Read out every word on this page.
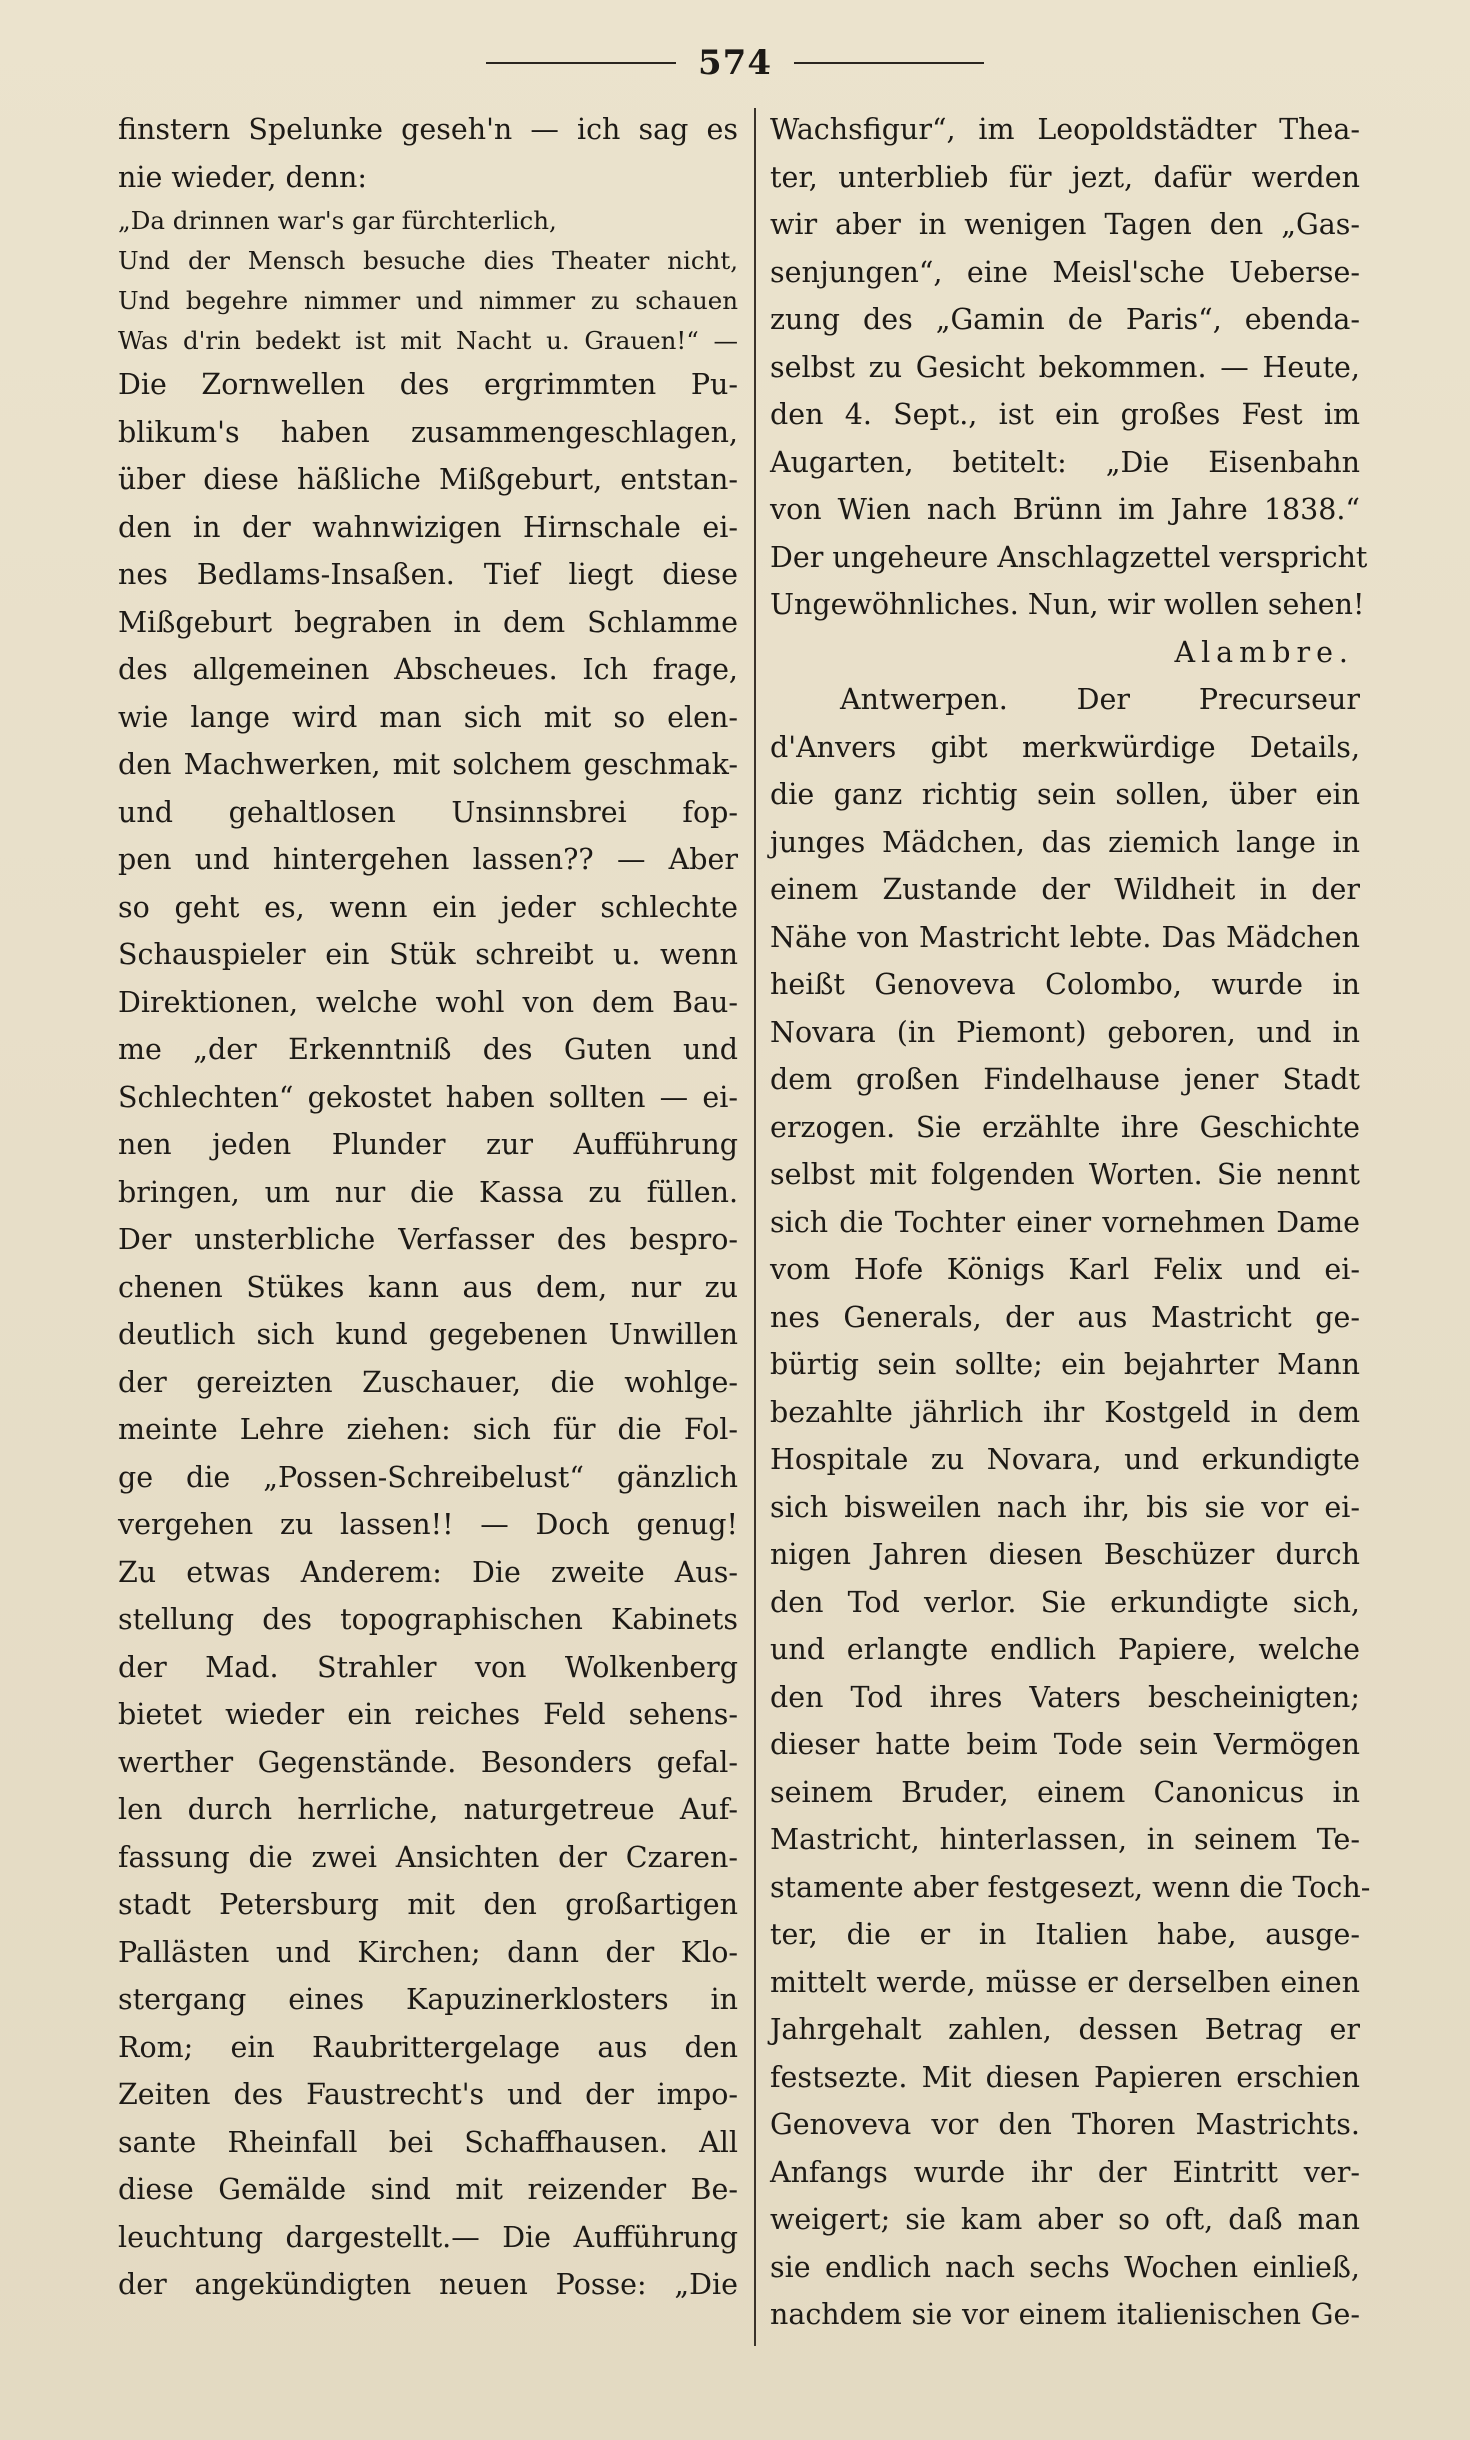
574
finstern Spelunke geseh'n — ich sag es
nie wieder, denn:
„Da drinnen war's gar fürchterlich,
Und der Mensch besuche dies Theater nicht,
Und begehre nimmer und nimmer zu schauen
Was d'rin bedekt ist mit Nacht u. Grauen!“ —
Die Zornwellen des ergrimmten Pu-
blikum's haben zusammengeschlagen,
über diese häßliche Mißgeburt, entstan-
den in der wahnwizigen Hirnschale ei-
nes Bedlams-Insaßen. Tief liegt diese
Mißgeburt begraben in dem Schlamme
des allgemeinen Abscheues. Ich frage,
wie lange wird man sich mit so elen-
den Machwerken, mit solchem geschmak-
und gehaltlosen Unsinnsbrei fop-
pen und hintergehen lassen?? — Aber
so geht es, wenn ein jeder schlechte
Schauspieler ein Stük schreibt u. wenn
Direktionen, welche wohl von dem Bau-
me „der Erkenntniß des Guten und
Schlechten“ gekostet haben sollten — ei-
nen jeden Plunder zur Aufführung
bringen, um nur die Kassa zu füllen.
Der unsterbliche Verfasser des bespro-
chenen Stükes kann aus dem, nur zu
deutlich sich kund gegebenen Unwillen
der gereizten Zuschauer, die wohlge-
meinte Lehre ziehen: sich für die Fol-
ge die „Possen-Schreibelust“ gänzlich
vergehen zu lassen!! — Doch genug!
Zu etwas Anderem: Die zweite Aus-
stellung des topographischen Kabinets
der Mad. Strahler von Wolkenberg
bietet wieder ein reiches Feld sehens-
werther Gegenstände. Besonders gefal-
len durch herrliche, naturgetreue Auf-
fassung die zwei Ansichten der Czaren-
stadt Petersburg mit den großartigen
Pallästen und Kirchen; dann der Klo-
stergang eines Kapuzinerklosters in
Rom; ein Raubrittergelage aus den
Zeiten des Faustrecht's und der impo-
sante Rheinfall bei Schaffhausen. All
diese Gemälde sind mit reizender Be-
leuchtung dargestellt.— Die Aufführung
der angekündigten neuen Posse: „Die
Wachsfigur“, im Leopoldstädter Thea-
ter, unterblieb für jezt, dafür werden
wir aber in wenigen Tagen den „Gas-
senjungen“, eine Meisl'sche Ueberse-
zung des „Gamin de Paris“, ebenda-
selbst zu Gesicht bekommen. — Heute,
den 4. Sept., ist ein großes Fest im
Augarten, betitelt: „Die Eisenbahn
von Wien nach Brünn im Jahre 1838.“
Der ungeheure Anschlagzettel verspricht
Ungewöhnliches. Nun, wir wollen sehen!
Alambre.
Antwerpen. Der Precurseur
d'Anvers gibt merkwürdige Details,
die ganz richtig sein sollen, über ein
junges Mädchen, das ziemich lange in
einem Zustande der Wildheit in der
Nähe von Mastricht lebte. Das Mädchen
heißt Genoveva Colombo, wurde in
Novara (in Piemont) geboren, und in
dem großen Findelhause jener Stadt
erzogen. Sie erzählte ihre Geschichte
selbst mit folgenden Worten. Sie nennt
sich die Tochter einer vornehmen Dame
vom Hofe Königs Karl Felix und ei-
nes Generals, der aus Mastricht ge-
bürtig sein sollte; ein bejahrter Mann
bezahlte jährlich ihr Kostgeld in dem
Hospitale zu Novara, und erkundigte
sich bisweilen nach ihr, bis sie vor ei-
nigen Jahren diesen Beschüzer durch
den Tod verlor. Sie erkundigte sich,
und erlangte endlich Papiere, welche
den Tod ihres Vaters bescheinigten;
dieser hatte beim Tode sein Vermögen
seinem Bruder, einem Canonicus in
Mastricht, hinterlassen, in seinem Te-
stamente aber festgesezt, wenn die Toch-
ter, die er in Italien habe, ausge-
mittelt werde, müsse er derselben einen
Jahrgehalt zahlen, dessen Betrag er
festsezte. Mit diesen Papieren erschien
Genoveva vor den Thoren Mastrichts.
Anfangs wurde ihr der Eintritt ver-
weigert; sie kam aber so oft, daß man
sie endlich nach sechs Wochen einließ,
nachdem sie vor einem italienischen Ge-
